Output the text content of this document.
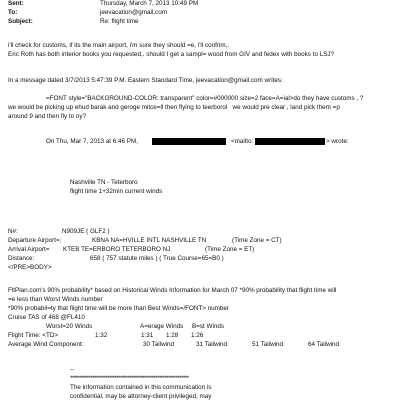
Sent:	Thursday, March 7, 2013 10:49 PM
To:	jeevacation@gmail.com
Subject:	Re: flight time
i'll check for customs, if its the main airport, i'm sure they should =e, i'll confrim,.
Eric Roth has both interior books you requested,. should I get a sampl= wood from GIV and fedex with books to LSJ?
In a message dated 3/7/2013 5:47:39 P.M. Eastern Standard Time, jeevacation@gmail.com writes:
=FONT style="BACKGROUND-COLOR: transparent" color=#000000 size=2 face=A=ial>do they have customs , ?
we would be picking up ehud barak and geroge mitce=ll then flying to teerborol   we would pre clear , land pick them =p
around 9 and then fly to ny?
On Thu, Mar 7, 2013 at 6:46 PM,	<mailto:	> wrote:
Nashville TN - Teterboro
flight time 1+32min current winds
N#:	N909JE ( GLF2 )
Departure Airport=;	KBNA NA=HVILLE INTL NASHVILLE TN	(Time Zone = CT)
Arrival Airport= KTEB TE=ERBORO TETERBORO NJ	(Time Zone = ET)
Distance:	658 ( 757 statute miles ) ( True Course=65=B0 )
</PRE>BODY>
FltPlan.com's 90% probability* based on Historical Winds Information for March 07 *90% probability that flight time will
=e less than Worst Winds number
*90% probabil=ty that flight time will be more than Best Winds=/FONT> number
Cruise TAS of 468 @FL410
Worst=20 Winds	A=erage Winds B=st Winds
Flight Time: <TD>	1:32	1:31 1:28 1:26
Average Wind Component:	30 Tailwind	31 Tailwind	51 Tailwind	64 Tailwind
--
****************************************************************
The information contained in this communication is
confidential, may be attorney-client privileged, may
